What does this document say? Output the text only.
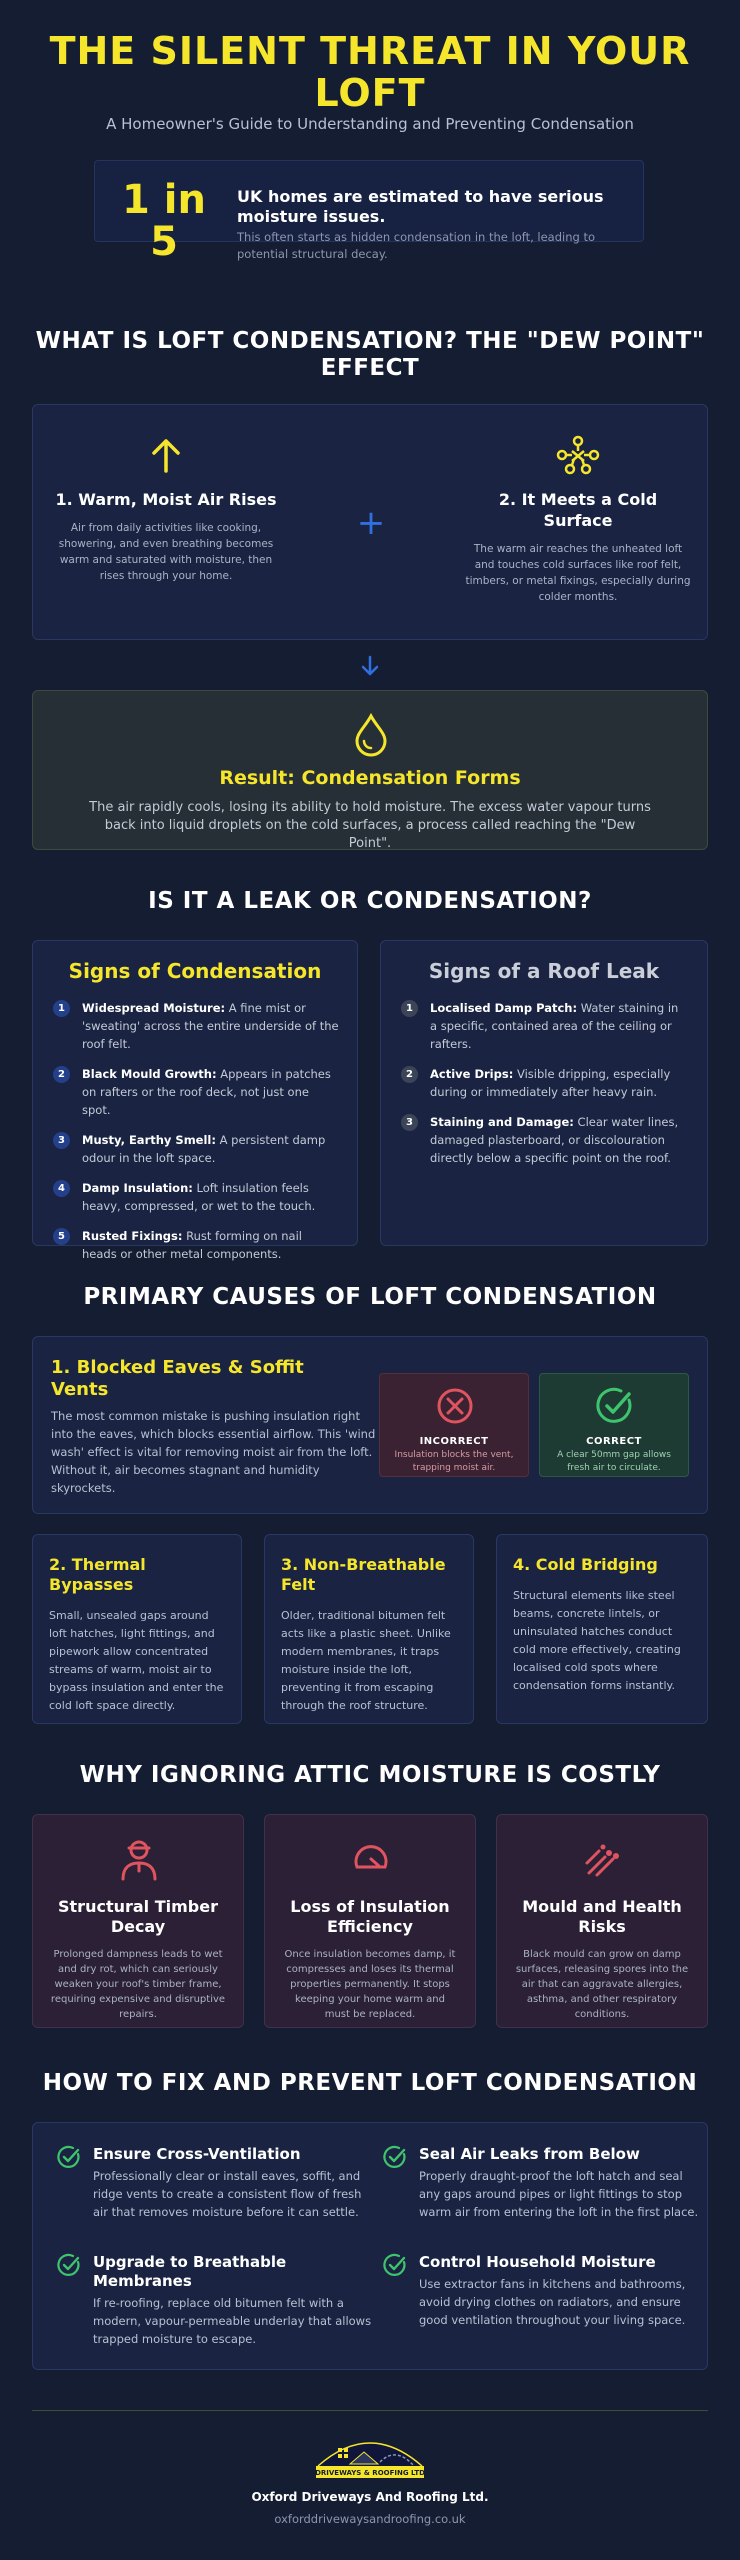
THE SILENT THREAT IN YOUR LOFT

A Homeowner's Guide to Understanding and Preventing Condensation

1 in 5
UK homes are estimated to have serious moisture issues.
This often starts as hidden condensation in the loft, leading to potential structural decay.
WHAT IS LOFT CONDENSATION? THE "DEW POINT" EFFECT
1. Warm, Moist Air Rises

Air from daily activities like cooking, showering, and even breathing becomes warm and saturated with moisture, then rises through your home.

+
2. It Meets a Cold Surface

The warm air reaches the unheated loft and touches cold surfaces like roof felt, timbers, or metal fixings, especially during colder months.

Result: Condensation Forms

The air rapidly cools, losing its ability to hold moisture. The excess water vapour turns back into liquid droplets on the cold surfaces, a process called reaching the "Dew Point".

IS IT A LEAK OR CONDENSATION?
Signs of Condensation
1	Widespread Moisture: A fine mist or 'sweating' across the entire underside of the roof felt.
2	Black Mould Growth: Appears in patches on rafters or the roof deck, not just one spot.
3	Musty, Earthy Smell: A persistent damp odour in the loft space.
4	Damp Insulation: Loft insulation feels heavy, compressed, or wet to the touch.
5	Rusted Fixings: Rust forming on nail heads or other metal components.
Signs of a Roof Leak
1	Localised Damp Patch: Water staining in a specific, contained area of the ceiling or rafters.
2	Active Drips: Visible dripping, especially during or immediately after heavy rain.
3	Staining and Damage: Clear water lines, damaged plasterboard, or discolouration directly below a specific point on the roof.
PRIMARY CAUSES OF LOFT CONDENSATION
1. Blocked Eaves & Soffit Vents
The most common mistake is pushing insulation right into the eaves, which blocks essential airflow. This 'wind wash' effect is vital for removing moist air from the loft. Without it, air becomes stagnant and humidity skyrockets.
INCORRECT

Insulation blocks the vent, trapping moist air.

CORRECT

A clear 50mm gap allows fresh air to circulate.

2. Thermal Bypasses
Small, unsealed gaps around loft hatches, light fittings, and pipework allow concentrated streams of warm, moist air to bypass insulation and enter the cold loft space directly.
3. Non-Breathable Felt
Older, traditional bitumen felt acts like a plastic sheet. Unlike modern membranes, it traps moisture inside the loft, preventing it from escaping through the roof structure.
4. Cold Bridging
Structural elements like steel beams, concrete lintels, or uninsulated hatches conduct cold more effectively, creating localised cold spots where condensation forms instantly.
WHY IGNORING ATTIC MOISTURE IS COSTLY
Structural Timber Decay

Prolonged dampness leads to wet and dry rot, which can seriously weaken your roof's timber frame, requiring expensive and disruptive repairs.

Loss of Insulation Efficiency

Once insulation becomes damp, it compresses and loses its thermal properties permanently. It stops keeping your home warm and must be replaced.

Mould and Health Risks

Black mould can grow on damp surfaces, releasing spores into the air that can aggravate allergies, asthma, and other respiratory conditions.

HOW TO FIX AND PREVENT LOFT CONDENSATION
Ensure Cross-Ventilation

Professionally clear or install eaves, soffit, and ridge vents to create a consistent flow of fresh air that removes moisture before it can settle.

Seal Air Leaks from Below

Properly draught-proof the loft hatch and seal any gaps around pipes or light fittings to stop warm air from entering the loft in the first place.

Upgrade to Breathable Membranes

If re-roofing, replace old bitumen felt with a modern, vapour-permeable underlay that allows trapped moisture to escape.

Control Household Moisture

Use extractor fans in kitchens and bathrooms, avoid drying clothes on radiators, and ensure good ventilation throughout your living space.

DRIVEWAYS & ROOFING LTD
Oxford Driveways And Roofing Ltd.
oxforddrivewaysandroofing.co.uk
